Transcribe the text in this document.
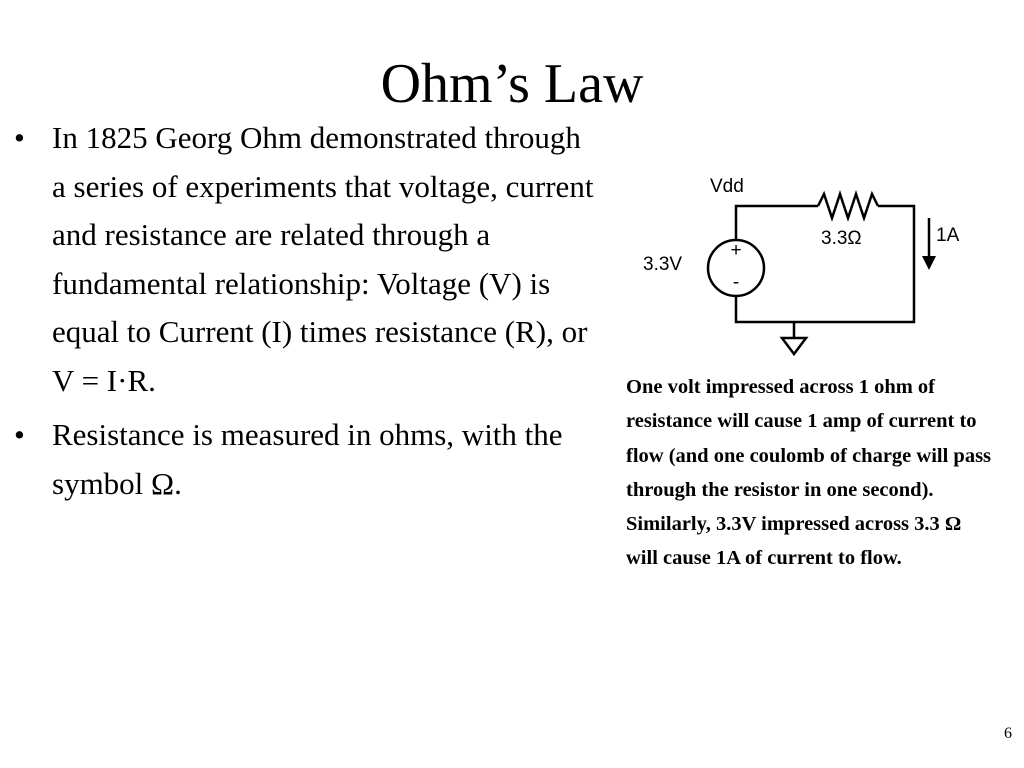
Ohm’s Law
• In 1825 Georg Ohm demonstrated through a series of experiments that voltage, current and resistance are related through a fundamental relationship: Voltage (V) is equal to Current (I) times resistance (R), or V = I·R.
• Resistance is measured in ohms, with the symbol Ω.
+
-
Vdd
3.3V
3.3Ω	1A

One volt impressed across 1 ohm of resistance will cause 1 amp of current to flow (and one coulomb of charge will pass through the resistor in one second).

Similarly, 3.3V impressed across 3.3 Ω will cause 1A of current to flow.

6
